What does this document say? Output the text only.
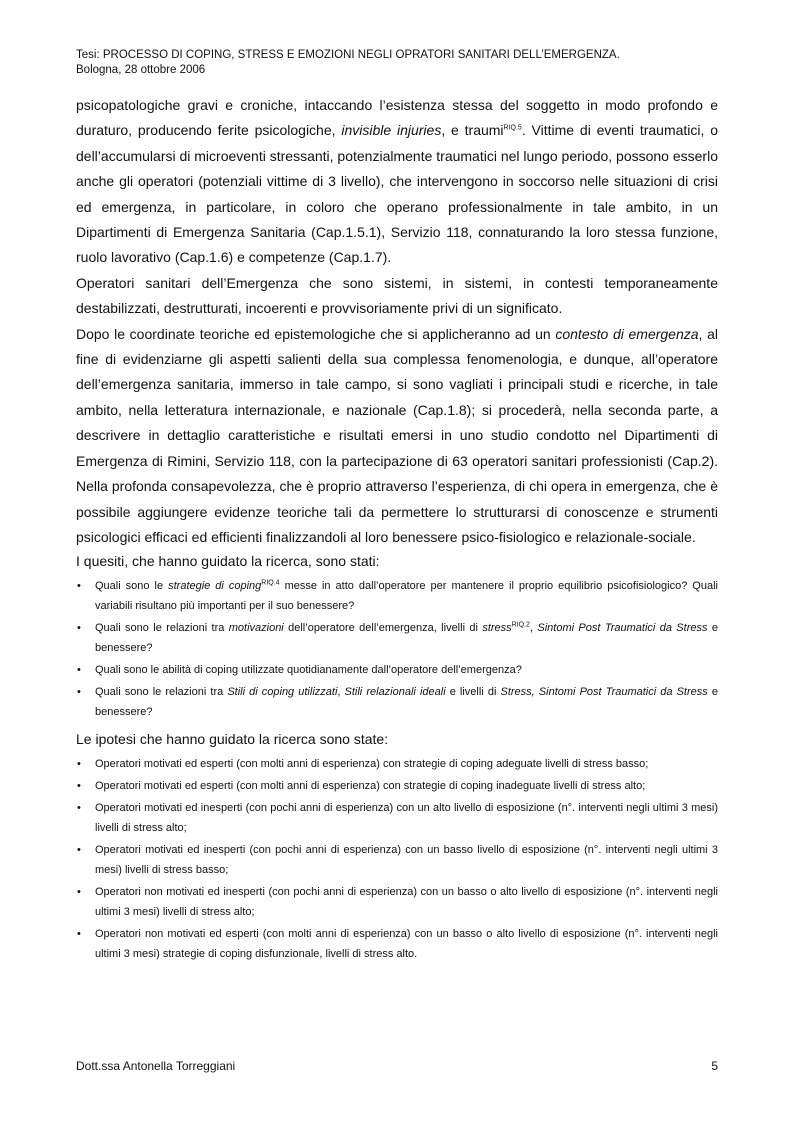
Tesi: PROCESSO DI COPING, STRESS E EMOZIONI NEGLI OPRATORI SANITARI DELL’EMERGENZA.
Bologna, 28 ottobre 2006

psicopatologiche gravi e croniche, intaccando l’esistenza stessa del soggetto in modo profondo e duraturo, producendo ferite psicologiche, invisible injuries, e traumi$^{RIQ.5}$. Vittime di eventi traumatici, o dell’accumularsi di microeventi stressanti, potenzialmente traumatici nel lungo periodo, possono esserlo anche gli operatori (potenziali vittime di 3 livello), che intervengono in soccorso nelle situazioni di crisi ed emergenza, in particolare, in coloro che operano professionalmente in tale ambito, in un Dipartimenti di Emergenza Sanitaria (Cap.1.5.1), Servizio 118, connaturando la loro stessa funzione, ruolo lavorativo (Cap.1.6) e competenze (Cap.1.7).

Operatori sanitari dell’Emergenza che sono sistemi, in sistemi, in contesti temporaneamente destabilizzati, destrutturati, incoerenti e provvisoriamente privi di un significato.

Dopo le coordinate teoriche ed epistemologiche che si applicheranno ad un contesto di emergenza, al fine di evidenziarne gli aspetti salienti della sua complessa fenomenologia, e dunque, all’operatore dell’emergenza sanitaria, immerso in tale campo, si sono vagliati i principali studi e ricerche, in tale ambito, nella letteratura internazionale, e nazionale (Cap.1.8); si procederà, nella seconda parte, a descrivere in dettaglio caratteristiche e risultati emersi in uno studio condotto nel Dipartimenti di Emergenza di Rimini, Servizio 118, con la partecipazione di 63 operatori sanitari professionisti (Cap.2). Nella profonda consapevolezza, che è proprio attraverso l’esperienza, di chi opera in emergenza, che è possibile aggiungere evidenze teoriche tali da permettere lo strutturarsi di conoscenze e strumenti psicologici efficaci ed efficienti finalizzandoli al loro benessere psico-fisiologico e relazionale-sociale.

I quesiti, che hanno guidato la ricerca, sono stati:

• Quali sono le strategie di coping$^{RIQ.4}$ messe in atto dall’operatore per mantenere il proprio equilibrio psicofisiologico? Quali variabili risultano più importanti per il suo benessere?
• Quali sono le relazioni tra motivazioni dell’operatore dell’emergenza, livelli di stress$^{RIQ.2}$, Sintomi Post Traumatici da Stress e benessere?
• Quali sono le abilità di coping utilizzate quotidianamente dall’operatore dell’emergenza?
• Quali sono le relazioni tra Stili di coping utilizzati, Stili relazionali ideali e livelli di Stress, Sintomi Post Traumatici da Stress e benessere?

Le ipotesi che hanno guidato la ricerca sono state:

• Operatori motivati ed esperti (con molti anni di esperienza) con strategie di coping adeguate livelli di stress basso;
• Operatori motivati ed esperti (con molti anni di esperienza) con strategie di coping inadeguate livelli di stress alto;
• Operatori motivati ed inesperti (con pochi anni di esperienza) con un alto livello di esposizione (n°. interventi negli ultimi 3 mesi) livelli di stress alto;
• Operatori motivati ed inesperti (con pochi anni di esperienza) con un basso livello di esposizione (n°. interventi negli ultimi 3 mesi) livelli di stress basso;
• Operatori non motivati ed inesperti (con pochi anni di esperienza) con un basso o alto livello di esposizione (n°. interventi negli ultimi 3 mesi) livelli di stress alto;
• Operatori non motivati ed esperti (con molti anni di esperienza) con un basso o alto livello di esposizione (n°. interventi negli ultimi 3 mesi) strategie di coping disfunzionale, livelli di stress alto.
Dott.ssa Antonella Torreggiani	5
